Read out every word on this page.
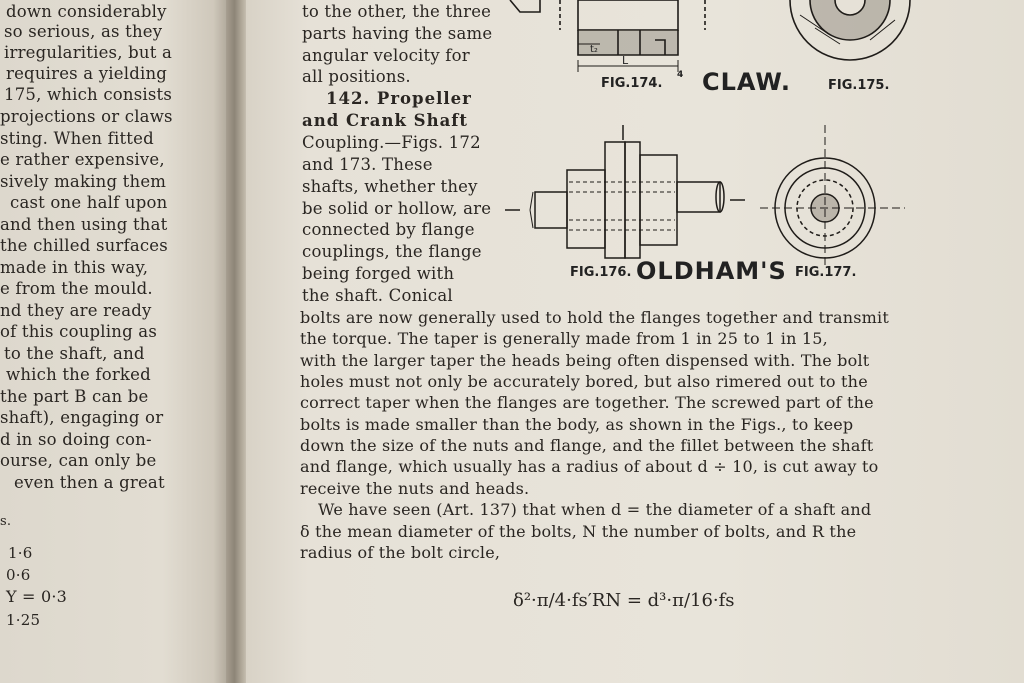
down considerably
so serious, as they
irregularities, but a
requires a yielding
175, which consists
projections or claws
sting. When fitted
e rather expensive,
sively making them
cast one half upon
and then using that
the chilled surfaces
made in this way,
e from the mould.
nd they are ready
of this coupling as
to the shaft, and
which the forked
the part B can be
shaft), engaging or
d in so doing con-
ourse, can only be
even then a great
s.
1·6
0·6
Y = 0·3
1·25
to the other, the three
parts having the same
angular velocity for
all positions.
142. Propeller
and Crank Shaft
Coupling.—Figs. 172
and 173. These
shafts, whether they
be solid or hollow, are
connected by flange
couplings, the flange
being forged with
the shaft. Conical
bolts are now generally used to hold the flanges together and transmit
the torque. The taper is generally made from 1 in 25 to 1 in 15,
with the larger taper the heads being often dispensed with. The bolt
holes must not only be accurately bored, but also rimered out to the
correct taper when the flanges are together. The screwed part of the
bolts is made smaller than the body, as shown in the Figs., to keep
down the size of the nuts and flange, and the fillet between the shaft
and flange, which usually has a radius of about d ÷ 10, is cut away to
receive the nuts and heads.
We have seen (Art. 137) that when d = the diameter of a shaft and
δ the mean diameter of the bolts, N the number of bolts, and R the
radius of the bolt circle,
δ²·π/4·fs′RN = d³·π/16·fs
FIG.174.
4 CLAW.	FIG.175.
FIG.176. OLDHAM'S FIG.177.
L
t₂
